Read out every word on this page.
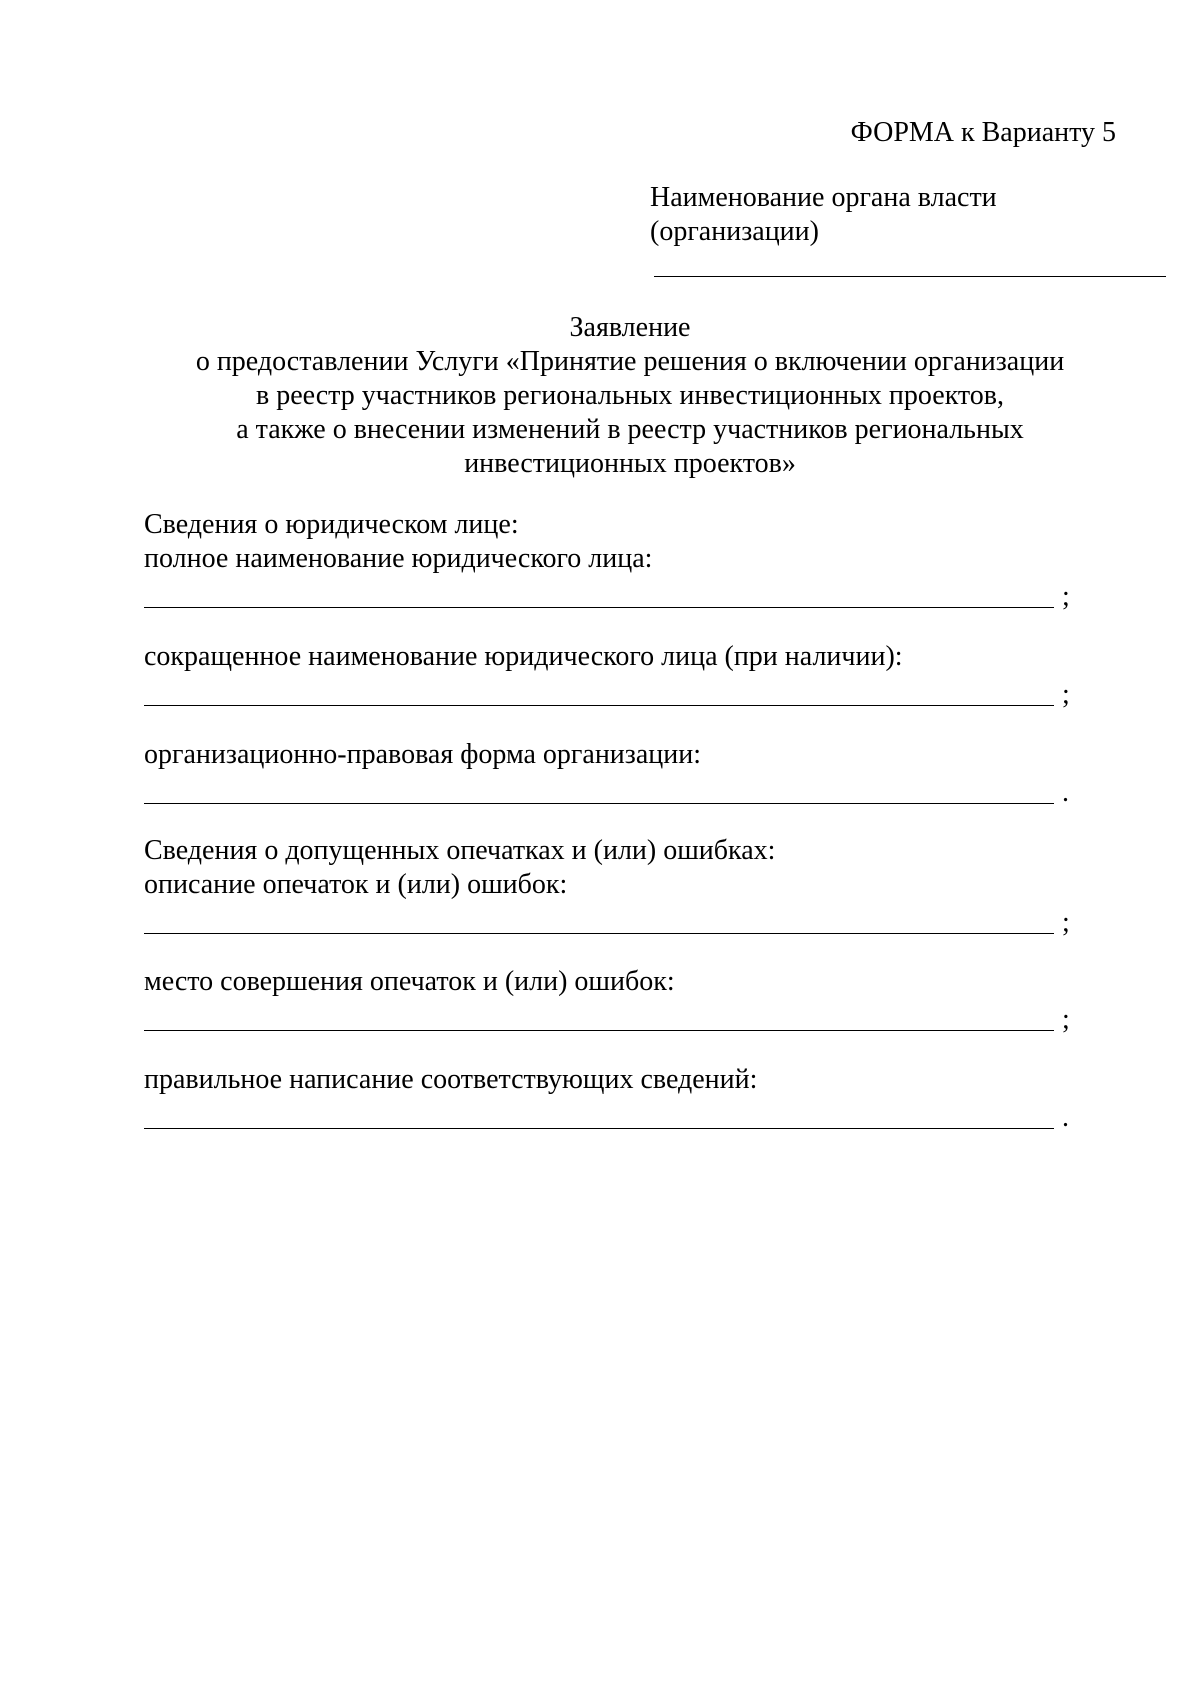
ФОРМА к Варианту 5
Наименование органа власти
(организации)
Заявление
о предоставлении Услуги «Принятие решения о включении организации
в реестр участников региональных инвестиционных проектов,
а также о внесении изменений в реестр участников региональных
инвестиционных проектов»
Сведения о юридическом лице:
полное наименование юридического лица:
;
сокращенное наименование юридического лица (при наличии):
;
организационно-правовая форма организации:
.
Сведения о допущенных опечатках и (или) ошибках:
описание опечаток и (или) ошибок:
;
место совершения опечаток и (или) ошибок:
;
правильное написание соответствующих сведений:
.
